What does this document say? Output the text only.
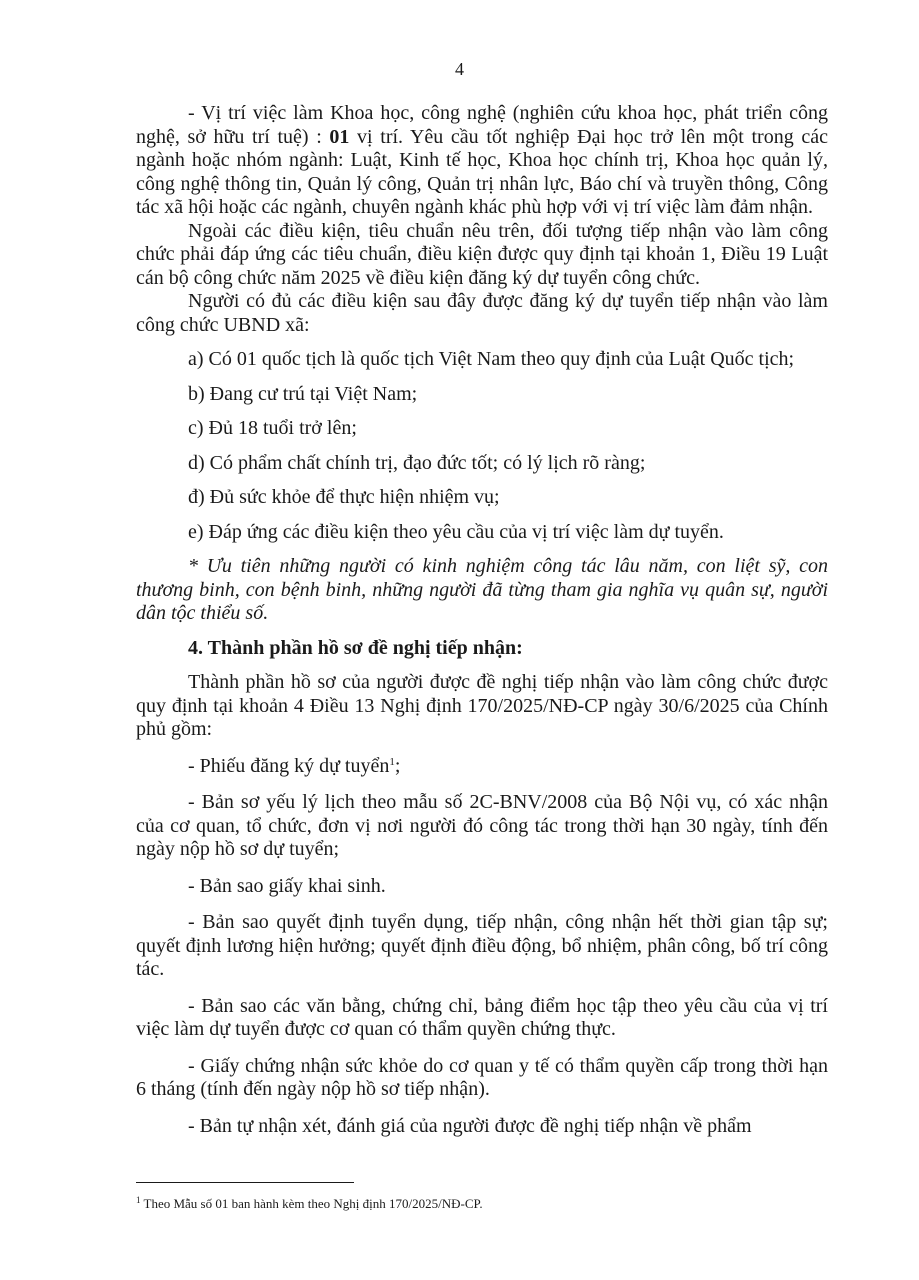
4

- Vị trí việc làm Khoa học, công nghệ (nghiên cứu khoa học, phát triển công nghệ, sở hữu trí tuệ) : 01 vị trí. Yêu cầu tốt nghiệp Đại học trở lên một trong các ngành hoặc nhóm ngành: Luật, Kinh tế học, Khoa học chính trị, Khoa học quản lý, công nghệ thông tin, Quản lý công, Quản trị nhân lực, Báo chí và truyền thông, Công tác xã hội hoặc các ngành, chuyên ngành khác phù hợp với vị trí việc làm đảm nhận.

Ngoài các điều kiện, tiêu chuẩn nêu trên, đối tượng tiếp nhận vào làm công chức phải đáp ứng các tiêu chuẩn, điều kiện được quy định tại khoản 1, Điều 19 Luật cán bộ công chức năm 2025 về điều kiện đăng ký dự tuyển công chức.

Người có đủ các điều kiện sau đây được đăng ký dự tuyển tiếp nhận vào làm công chức UBND xã:

a) Có 01 quốc tịch là quốc tịch Việt Nam theo quy định của Luật Quốc tịch;

b) Đang cư trú tại Việt Nam;

c) Đủ 18 tuổi trở lên;

d) Có phẩm chất chính trị, đạo đức tốt; có lý lịch rõ ràng;

đ) Đủ sức khỏe để thực hiện nhiệm vụ;

e) Đáp ứng các điều kiện theo yêu cầu của vị trí việc làm dự tuyển.

* Ưu tiên những người có kinh nghiệm công tác lâu năm, con liệt sỹ, con thương binh, con bệnh binh, những người đã từng tham gia nghĩa vụ quân sự, người dân tộc thiểu số.

4. Thành phần hồ sơ đề nghị tiếp nhận:

Thành phần hồ sơ của người được đề nghị tiếp nhận vào làm công chức được quy định tại khoản 4 Điều 13 Nghị định 170/2025/NĐ-CP ngày 30/6/2025 của Chính phủ gồm:

- Phiếu đăng ký dự tuyển$^1$;

- Bản sơ yếu lý lịch theo mẫu số 2C-BNV/2008 của Bộ Nội vụ, có xác nhận của cơ quan, tổ chức, đơn vị nơi người đó công tác trong thời hạn 30 ngày, tính đến ngày nộp hồ sơ dự tuyển;

- Bản sao giấy khai sinh.

- Bản sao quyết định tuyển dụng, tiếp nhận, công nhận hết thời gian tập sự; quyết định lương hiện hưởng; quyết định điều động, bổ nhiệm, phân công, bố trí công tác.

- Bản sao các văn bằng, chứng chỉ, bảng điểm học tập theo yêu cầu của vị trí việc làm dự tuyển được cơ quan có thẩm quyền chứng thực.

- Giấy chứng nhận sức khỏe do cơ quan y tế có thẩm quyền cấp trong thời hạn 6 tháng (tính đến ngày nộp hồ sơ tiếp nhận).

- Bản tự nhận xét, đánh giá của người được đề nghị tiếp nhận về phẩm

$^1$ Theo Mẫu số 01 ban hành kèm theo Nghị định 170/2025/NĐ-CP.
